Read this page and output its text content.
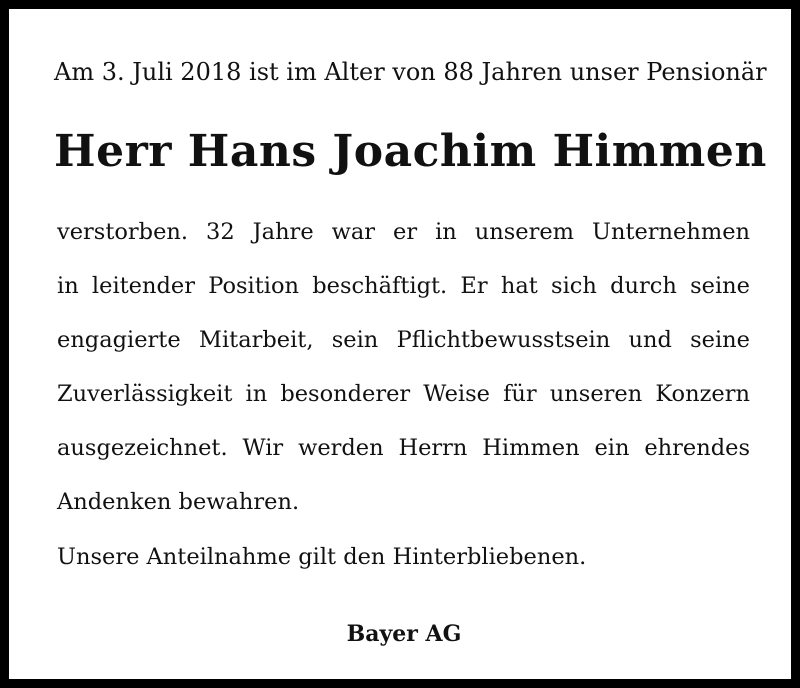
Am 3. Juli 2018 ist im Alter von 88 Jahren unser Pensionär
Herr Hans Joachim Himmen
verstorben. 32 Jahre war er in unserem Unternehmen
in leitender Position beschäftigt. Er hat sich durch seine
engagierte Mitarbeit, sein Pflichtbewusstsein und seine
Zuverlässigkeit in besonderer Weise für unseren Konzern
ausgezeichnet. Wir werden Herrn Himmen ein ehrendes
Andenken bewahren.
Unsere Anteilnahme gilt den Hinterbliebenen.
Bayer AG
